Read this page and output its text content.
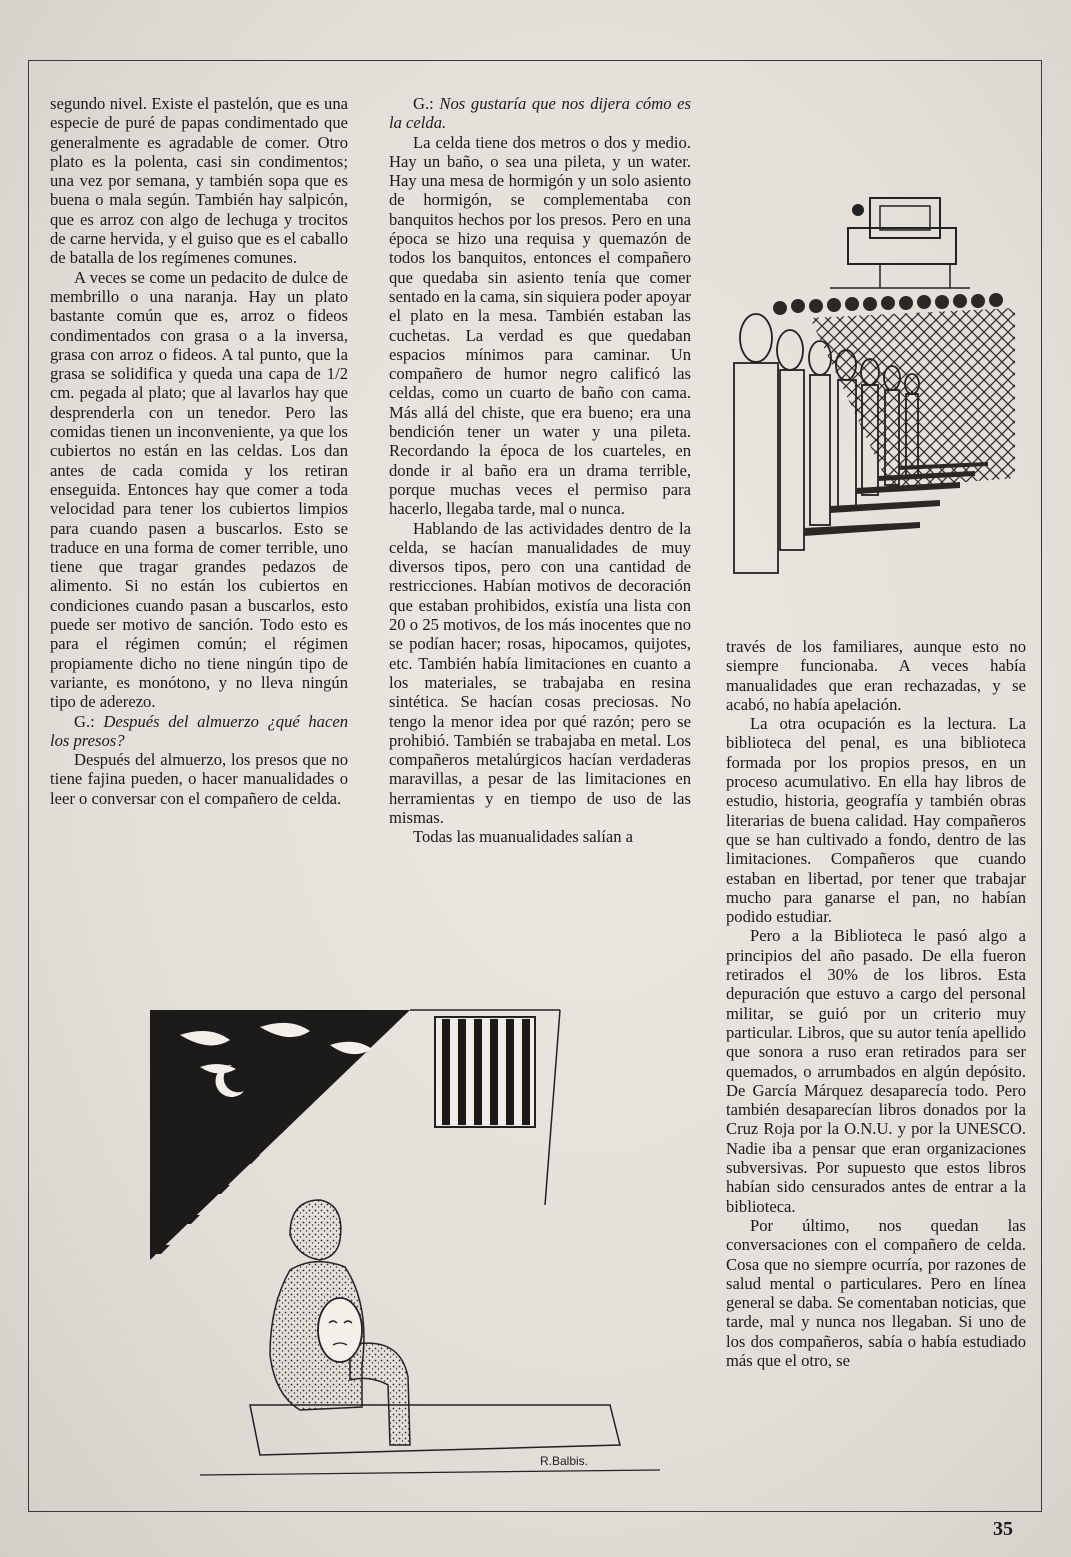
segundo nivel. Existe el pastelón, que es una especie de puré de papas condimentado que generalmente es agradable de comer. Otro plato es la polenta, casi sin condimentos; una vez por semana, y también sopa que es buena o mala según. También hay salpicón, que es arroz con algo de lechuga y trocitos de carne hervida, y el guiso que es el caballo de batalla de los regímenes comunes.

A veces se come un pedacito de dulce de membrillo o una naranja. Hay un plato bastante común que es, arroz o fideos condimentados con grasa o a la inversa, grasa con arroz o fideos. A tal punto, que la grasa se solidifica y queda una capa de 1/2 cm. pegada al plato; que al lavarlos hay que desprenderla con un tenedor. Pero las comidas tienen un inconveniente, ya que los cubiertos no están en las celdas. Los dan antes de cada comida y los retiran enseguida. Entonces hay que comer a toda velocidad para tener los cubiertos limpios para cuando pasen a buscarlos. Esto se traduce en una forma de comer terrible, uno tiene que tragar grandes pedazos de alimento. Si no están los cubiertos en condiciones cuando pasan a buscarlos, esto puede ser motivo de sanción. Todo esto es para el régimen común; el régimen propiamente dicho no tiene ningún tipo de variante, es monótono, y no lleva ningún tipo de aderezo.

G.: Después del almuerzo ¿qué hacen los presos?

Después del almuerzo, los presos que no tiene fajina pueden, o hacer manualidades o leer o conversar con el compañero de celda.

G.: Nos gustaría que nos dijera cómo es la celda.

La celda tiene dos metros o dos y medio. Hay un baño, o sea una pileta, y un water. Hay una mesa de hormigón y un solo asiento de hormigón, se complementaba con banquitos hechos por los presos. Pero en una época se hizo una requisa y quemazón de todos los banquitos, entonces el compañero que quedaba sin asiento tenía que comer sentado en la cama, sin siquiera poder apoyar el plato en la mesa. También estaban las cuchetas. La verdad es que quedaban espacios mínimos para caminar. Un compañero de humor negro calificó las celdas, como un cuarto de baño con cama. Más allá del chiste, que era bueno; era una bendición tener un water y una pileta. Recordando la época de los cuarteles, en donde ir al baño era un drama terrible, porque muchas veces el permiso para hacerlo, llegaba tarde, mal o nunca.

Hablando de las actividades dentro de la celda, se hacían manualidades de muy diversos tipos, pero con una cantidad de restricciones. Habían motivos de decoración que estaban prohibidos, existía una lista con 20 o 25 motivos, de los más inocentes que no se podían hacer; rosas, hipocamos, quijotes, etc. También había limitaciones en cuanto a los materiales, se trabajaba en resina sintética. Se hacían cosas preciosas. No tengo la menor idea por qué razón; pero se prohibió. También se trabajaba en metal. Los compañeros metalúrgicos hacían verdaderas maravillas, a pesar de las limitaciones en herramientas y en tiempo de uso de las mismas.

Todas las muanualidades salían a

través de los familiares, aunque esto no siempre funcionaba. A veces había manualidades que eran rechazadas, y se acabó, no había apelación.

La otra ocupación es la lectura. La biblioteca del penal, es una biblioteca formada por los propios presos, en un proceso acumulativo. En ella hay libros de estudio, historia, geografía y también obras literarias de buena calidad. Hay compañeros que se han cultivado a fondo, dentro de las limitaciones. Compañeros que cuando estaban en libertad, por tener que trabajar mucho para ganarse el pan, no habían podido estudiar.

Pero a la Biblioteca le pasó algo a principios del año pasado. De ella fueron retirados el 30% de los libros. Esta depuración que estuvo a cargo del personal militar, se guió por un criterio muy particular. Libros, que su autor tenía apellido que sonora a ruso eran retirados para ser quemados, o arrumbados en algún depósito. De García Márquez desaparecía todo. Pero también desaparecían libros donados por la Cruz Roja por la O.N.U. y por la UNESCO. Nadie iba a pensar que eran organizaciones subversivas. Por supuesto que estos libros habían sido censurados antes de entrar a la biblioteca.

Por último, nos quedan las conversaciones con el compañero de celda. Cosa que no siempre ocurría, por razones de salud mental o particulares. Pero en línea general se daba. Se comentaban noticias, que tarde, mal y nunca nos llegaban. Si uno de los dos compañeros, sabía o había estudiado más que el otro, se

R.Balbis.
35
